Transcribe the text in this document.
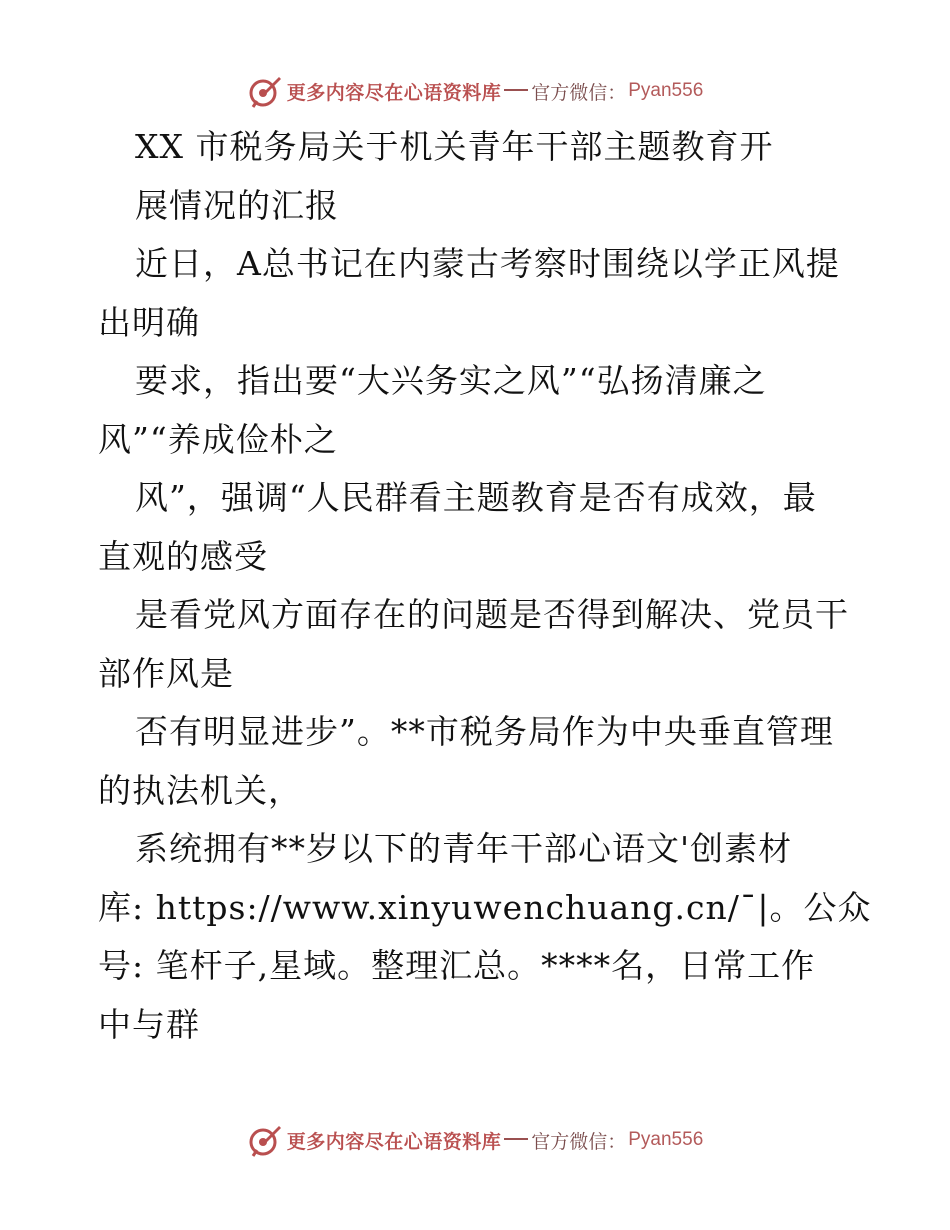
更多内容尽在心语资料库 官方微信： Pyan556
XX 市税务局关于机关青年干部主题教育开
展情况的汇报
近日，A总书记在内蒙古考察时围绕以学正风提
出明确
要求，指出要“大兴务实之风”“弘扬清廉之
风”“养成俭朴之
风”，强调“人民群看主题教育是否有成效，最
直观的感受
是看党风方面存在的问题是否得到解决、党员干
部作风是
否有明显进步”。**市税务局作为中央垂直管理
的执法机关，
系统拥有**岁以下的青年干部心语文'创素材
库: https://www.xinyuwenchuang.cn/¯|。公众
号: 笔杆子,星域。整理汇总。****名，日常工作
中与群
更多内容尽在心语资料库 官方微信： Pyan556
